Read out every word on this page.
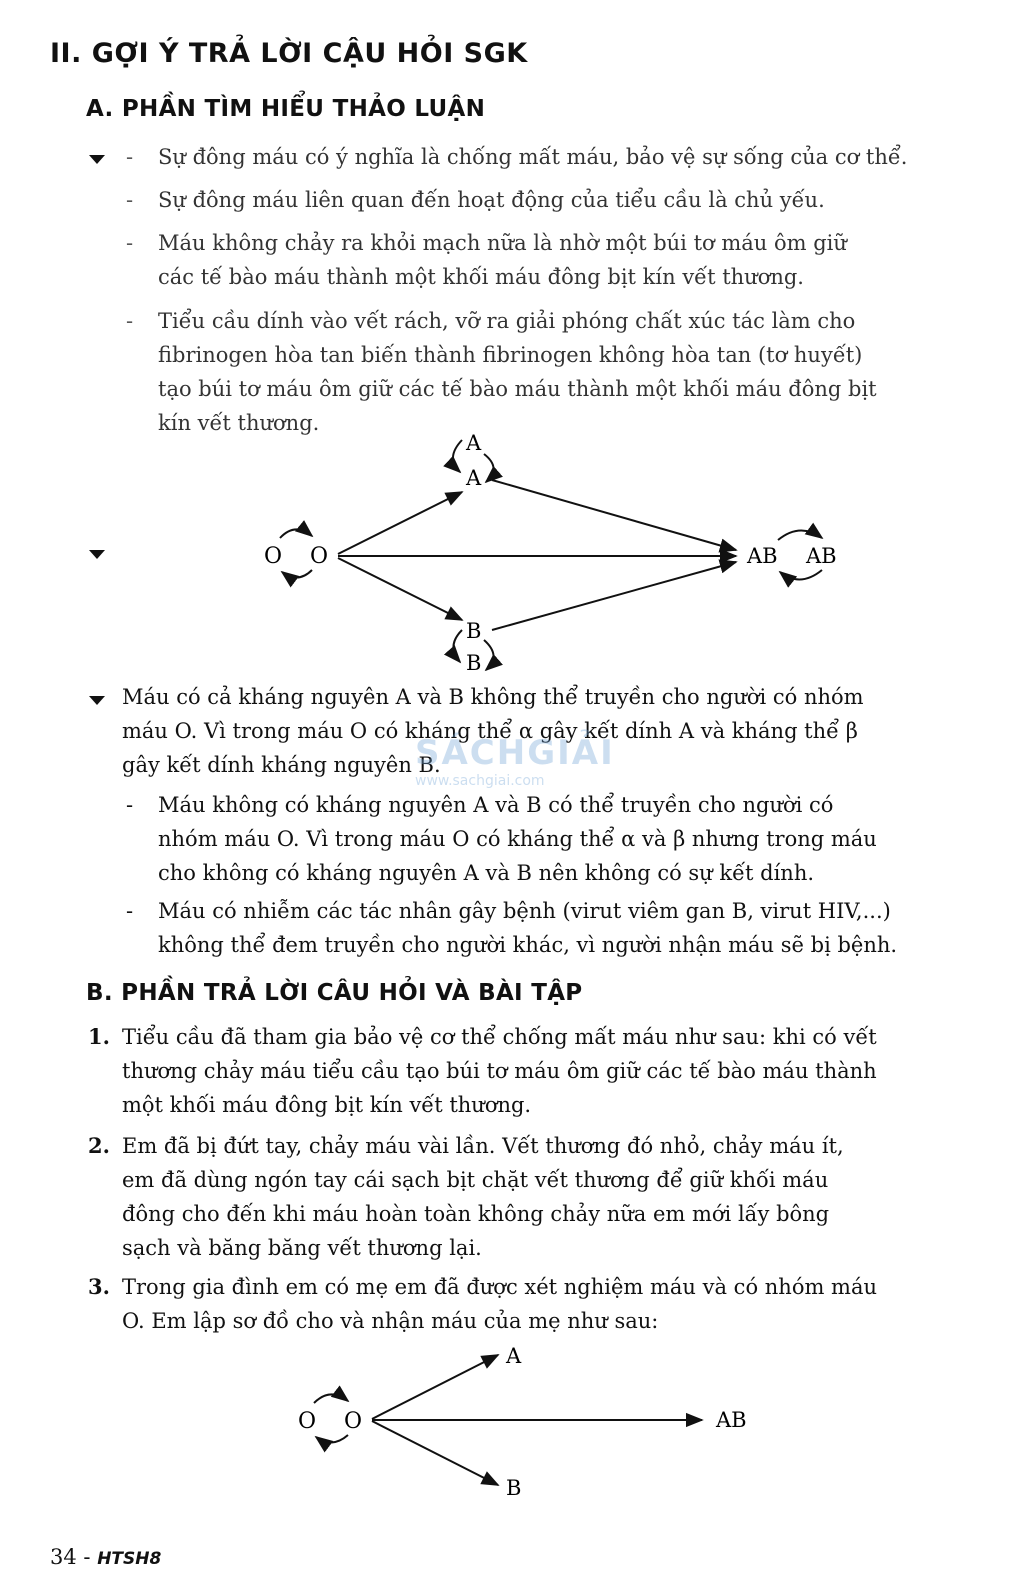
II. GỢI Ý TRẢ LỜI CẬU HỎI SGK
A. PHẦN TÌM HIỂU THẢO LUẬN
- Sự đông máu có ý nghĩa là chống mất máu, bảo vệ sự sống của cơ thể.
- Sự đông máu liên quan đến hoạt động của tiểu cầu là chủ yếu.
- Máu không chảy ra khỏi mạch nữa là nhờ một búi tơ máu ôm giữ
các tế bào máu thành một khối máu đông bịt kín vết thương.
- Tiểu cầu dính vào vết rách, vỡ ra giải phóng chất xúc tác làm cho
fibrinogen hòa tan biến thành fibrinogen không hòa tan (tơ huyết)
tạo búi tơ máu ôm giữ các tế bào máu thành một khối máu đông bịt
kín vết thương.
O O
A
A
AB AB
B
B
Máu có cả kháng nguyên A và B không thể truyền cho người có nhóm
máu O. Vì trong máu O có kháng thể α gây kết dính A và kháng thể β
gây kết dính kháng nguyên B.
- Máu không có kháng nguyên A và B có thể truyền cho người có
nhóm máu O. Vì trong máu O có kháng thể α và β nhưng trong máu
cho không có kháng nguyên A và B nên không có sự kết dính.
- Máu có nhiễm các tác nhân gây bệnh (virut viêm gan B, virut HIV,...)
không thể đem truyền cho người khác, vì người nhận máu sẽ bị bệnh.
SÁCHGIẢI
www.sachgiai.com
B. PHẦN TRẢ LỜI CÂU HỎI VÀ BÀI TẬP
1. Tiểu cầu đã tham gia bảo vệ cơ thể chống mất máu như sau: khi có vết
thương chảy máu tiểu cầu tạo búi tơ máu ôm giữ các tế bào máu thành
một khối máu đông bịt kín vết thương.
2. Em đã bị đứt tay, chảy máu vài lần. Vết thương đó nhỏ, chảy máu ít,
em đã dùng ngón tay cái sạch bịt chặt vết thương để giữ khối máu
đông cho đến khi máu hoàn toàn không chảy nữa em mới lấy bông
sạch và băng băng vết thương lại.
3. Trong gia đình em có mẹ em đã được xét nghiệm máu và có nhóm máu
O. Em lập sơ đồ cho và nhận máu của mẹ như sau:
O O
A
AB
B
34 - HTSH8
